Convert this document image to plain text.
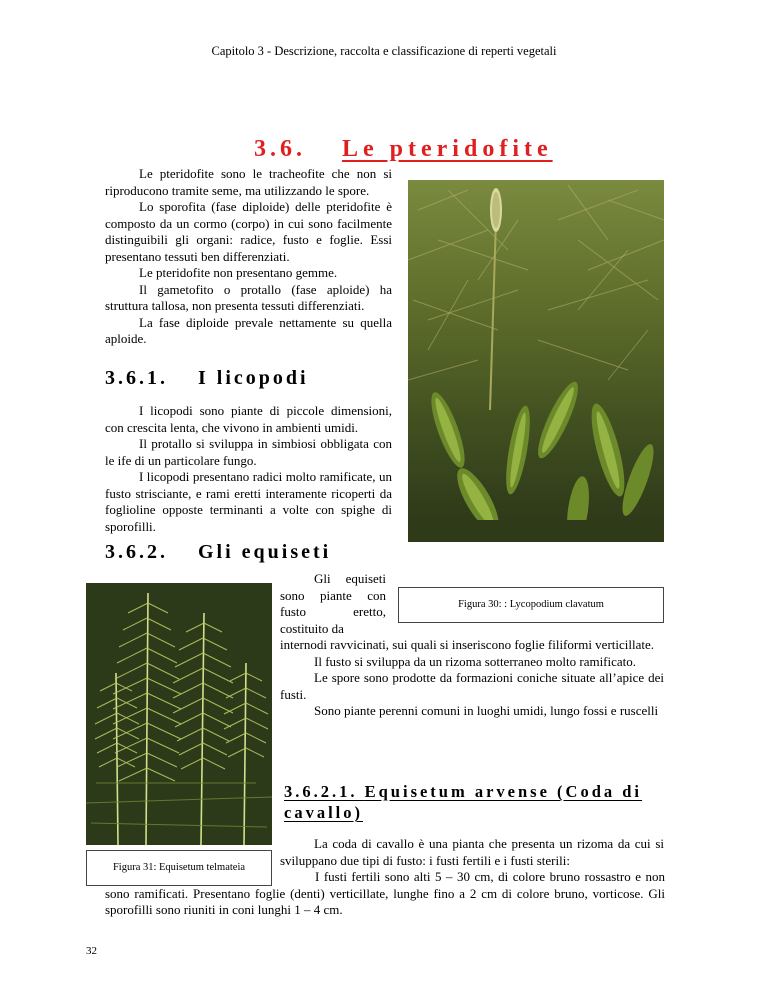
Capitolo 3 - Descrizione, raccolta e classificazione di reperti vegetali
3.6. Le pteridofite

Le pteridofite sono le tracheofite che non si riproducono tramite seme, ma utilizzando le spore.

Lo sporofita (fase diploide) delle pteridofite è composto da un cormo (corpo) in cui sono facilmente distinguibili gli organi: radice, fusto e foglie. Essi presentano tessuti ben differenziati.

Le pteridofite non presentano gemme.

Il gametofito o protallo (fase aploide) ha struttura tallosa, non presenta tessuti differenziati.

La fase diploide prevale nettamente su quella aploide.

3.6.1. I licopodi

I licopodi sono piante di piccole dimensioni, con crescita lenta, che vivono in ambienti umidi.

Il protallo si sviluppa in simbiosi obbligata con le ife di un particolare fungo.

I licopodi presentano radici molto ramificate, un fusto strisciante, e rami eretti interamente ricoperti da foglioline opposte terminanti a volte con spighe di sporofilli.

3.6.2. Gli equiseti

Gli equiseti sono piante con fusto eretto, costituito da

Figura 30: : Lycopodium clavatum

internodi ravvicinati, sui quali si inseriscono foglie filiformi verticillate.

Il fusto si sviluppa da un rizoma sotterraneo molto ramificato.

Le spore sono prodotte da formazioni coniche situate all’apice dei fusti.

Sono piante perenni comuni in luoghi umidi, lungo fossi e ruscelli

3.6.2.1. Equisetum arvense (Coda di cavallo)
Figura 31: Equisetum telmateia

La coda di cavallo è una pianta che presenta un rizoma da cui si sviluppano due tipi di fusto: i fusti fertili e i fusti sterili:

I fusti fertili sono alti 5 – 30 cm, di colore bruno rossastro e non sono ramificati. Presentano foglie (denti) verticillate, lunghe fino a 2 cm di colore bruno, vorticose. Gli sporofilli sono riuniti in coni lunghi 1 – 4 cm.

32
